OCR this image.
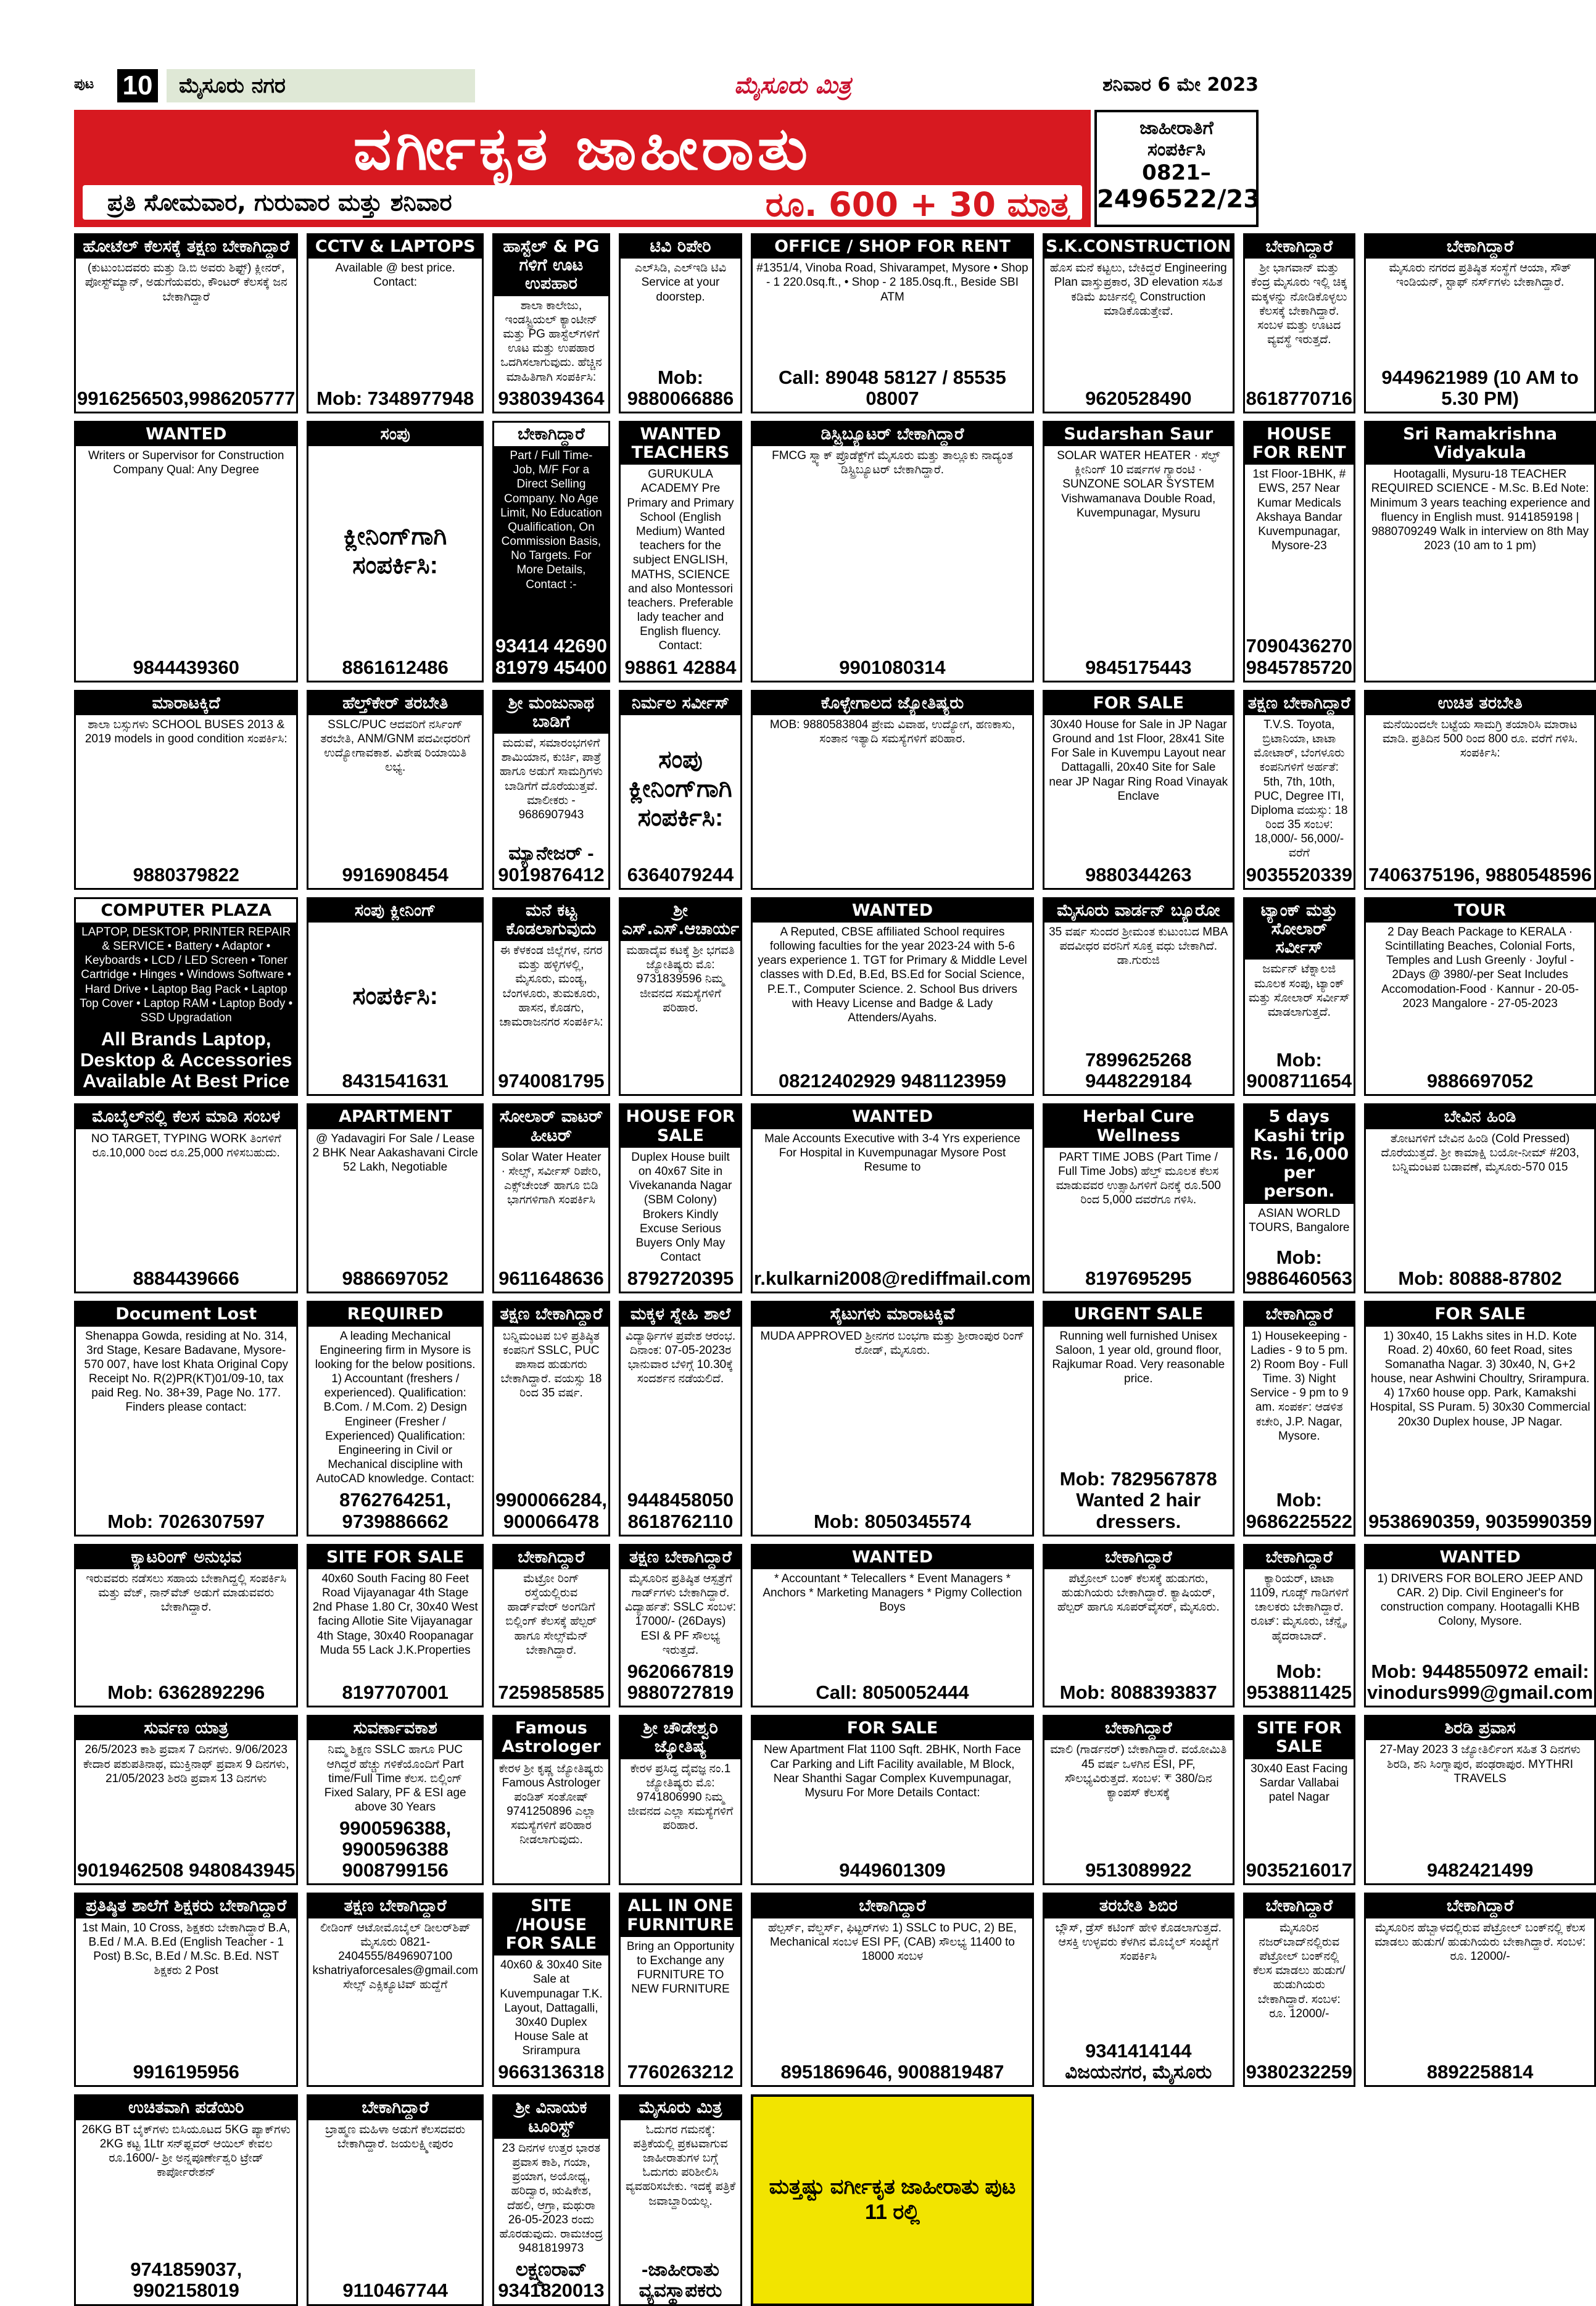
ಪುಟ 10	ಮೈಸೂರು ನಗರ	ಮೈಸೂರು ಮಿತ್ರ	ಶನಿವಾರ 6 ಮೇ 2023
ವರ್ಗೀಕೃತ ಜಾಹೀರಾತು
ಪ್ರತಿ ಸೋಮವಾರ, ಗುರುವಾರ ಮತ್ತು ಶನಿವಾರ	ರೂ. 600 + 30 ಮಾತ್ರ
ಜಾಹೀರಾತಿಗೆ
ಸಂಪರ್ಕಿಸಿ
0821–
2496522/23
ಹೋಟೆಲ್ ಕೆಲಸಕ್ಕೆ ತಕ್ಷಣ ಬೇಕಾಗಿದ್ದಾರೆ
(ಕುಟುಂಬದವರು ಮತ್ತು ಡಿ.ಬಿ ಅವರು ಶಿಫ್ಟ್) ಕ್ಲೀನರ್, ಪೋಸ್ಟ್‌ಮ್ಯಾನ್, ಅಡುಗೆಯವರು, ಕೌಂಟರ್ ಕೆಲಸಕ್ಕೆ ಜನ ಬೇಕಾಗಿದ್ದಾರೆ
9916256503,9986205777
CCTV & LAPTOPS
Available @ best price. Contact:
Mob: 7348977948
ಹಾಸ್ಟೆಲ್ & PG ಗಳಿಗೆ ಊಟ ಉಪಹಾರ
ಶಾಲಾ ಕಾಲೇಜು, ಇಂಡಸ್ಟ್ರಿಯಲ್ ಕ್ಯಾಂಟೀನ್ ಮತ್ತು PG ಹಾಸ್ಟೆಲ್‌ಗಳಿಗೆ ಊಟ ಮತ್ತು ಉಪಹಾರ ಒದಗಿಸಲಾಗುವುದು. ಹೆಚ್ಚಿನ ಮಾಹಿತಿಗಾಗಿ ಸಂಪರ್ಕಿಸಿ:
9380394364
ಟಿವಿ ರಿಪೇರಿ
ಎಲ್‌ಸಿಡಿ, ಎಲ್‌ಇಡಿ ಟಿವಿ Service at your doorstep.
Mob: 9880066886
OFFICE / SHOP FOR RENT
#1351/4, Vinoba Road, Shivarampet, Mysore • Shop - 1 220.0sq.ft., • Shop - 2 185.0sq.ft., Beside SBI ATM
Call: 89048 58127 / 85535 08007
S.K.CONSTRUCTION
ಹೊಸ ಮನೆ ಕಟ್ಟಲು, ಬೇಕಿದ್ದರೆ Engineering Plan ವಾಸ್ತುಪ್ರಕಾರ, 3D elevation ಸಹಿತ ಕಡಿಮೆ ಖರ್ಚಿನಲ್ಲಿ Construction ಮಾಡಿಕೊಡುತ್ತೇವೆ.
9620528490
ಬೇಕಾಗಿದ್ದಾರೆ
ಶ್ರೀ ಭಾಗವಾನ್ ಮತ್ತು ಕೆಂದ್ರ ಮೈಸೂರು ಇಲ್ಲಿ ಚಿಕ್ಕ ಮಕ್ಕಳನ್ನು ನೋಡಿಕೊಳ್ಳಲು ಕೆಲಸಕ್ಕೆ ಬೇಕಾಗಿದ್ದಾರೆ. ಸಂಬಳ ಮತ್ತು ಊಟದ ವ್ಯವಸ್ಥೆ ಇರುತ್ತದೆ.
8618770716
ಬೇಕಾಗಿದ್ದಾರೆ
ಮೈಸೂರು ನಗರದ ಪ್ರತಿಷ್ಠಿತ ಸಂಸ್ಥೆಗೆ ಆಯಾ, ಸೌತ್ ಇಂಡಿಯನ್, ಸ್ಟಾಫ್ ನರ್ಸ್‌ಗಳು ಬೇಕಾಗಿದ್ದಾರೆ.
9449621989 (10 AM to 5.30 PM)
WANTED
Writers or Supervisor for Construction Company Qual: Any Degree
9844439360
ಸಂಪು
ಕ್ಲೀನಿಂಗ್‌ಗಾಗಿ ಸಂಪರ್ಕಿಸಿ:
8861612486
ಬೇಕಾಗಿದ್ದಾರೆ
Part / Full Time- Job, M/F For a Direct Selling Company. No Age Limit, No Education Qualification, On Commission Basis, No Targets. For More Details, Contact :-
93414 42690 81979 45400
WANTED TEACHERS
GURUKULA ACADEMY Pre Primary and Primary School (English Medium) Wanted teachers for the subject ENGLISH, MATHS, SCIENCE and also Montessori teachers. Preferable lady teacher and English fluency. Contact:
98861 42884
ಡಿಸ್ಟ್ರಿಬ್ಯೂಟರ್ ಬೇಕಾಗಿದ್ದಾರೆ
FMCG ಸ್ನ್ಯಾಕ್ ಪ್ರೊಡೆಕ್ಟ್‌ಗೆ ಮೈಸೂರು ಮತ್ತು ತಾಲ್ಲೂಕು ನಾದ್ಯಂತ ಡಿಸ್ಟ್ರಿಬ್ಯೂಟರ್ ಬೇಕಾಗಿದ್ದಾರೆ.
9901080314
Sudarshan Saur
SOLAR WATER HEATER · ಸೆಲ್ಫ್ ಕ್ಲೀನಿಂಗ್ 10 ವರ್ಷಗಳ ಗ್ಯಾರಂಟಿ · SUNZONE SOLAR SYSTEM Vishwamanava Double Road, Kuvempunagar, Mysuru
9845175443
HOUSE FOR RENT
1st Floor-1BHK, # EWS, 257 Near Kumar Medicals Akshaya Bandar Kuvempunagar, Mysore-23
7090436270 9845785720
Sri Ramakrishna Vidyakula
Hootagalli, Mysuru-18 TEACHER REQUIRED SCIENCE - M.Sc. B.Ed Note: Minimum 3 years teaching experience and fluency in English must. 9141859198 | 9880709249 Walk in interview on 8th May 2023 (10 am to 1 pm)
ಮಾರಾಟಕ್ಕಿದೆ
ಶಾಲಾ ಬಸ್ಸುಗಳು SCHOOL BUSES 2013 & 2019 models in good condition ಸಂಪರ್ಕಿಸಿ:
9880379822
ಹೆಲ್ತ್‌ಕೇರ್ ತರಬೇತಿ
SSLC/PUC ಆದವರಿಗೆ ನರ್ಸಿಂಗ್ ತರಬೇತಿ, ANM/GNM ಪದವೀಧರರಿಗೆ ಉದ್ಯೋಗಾವಕಾಶ. ವಿಶೇಷ ರಿಯಾಯಿತಿ ಲಭ್ಯ.
9916908454
ಶ್ರೀ ಮಂಜುನಾಥ ಬಾಡಿಗೆ
ಮದುವೆ, ಸಮಾರಂಭಗಳಿಗೆ ಶಾಮಿಯಾನ, ಕುರ್ಚಿ, ಪಾತ್ರೆ ಹಾಗೂ ಅಡುಗೆ ಸಾಮಗ್ರಿಗಳು ಬಾಡಿಗೆಗೆ ದೊರೆಯುತ್ತವೆ. ಮಾಲೀಕರು - 9686907943
ಮ್ಯಾನೇಜರ್ - 9019876412
ನಿರ್ಮಲ ಸರ್ವೀಸ್
ಸಂಪು ಕ್ಲೀನಿಂಗ್‌ಗಾಗಿ ಸಂಪರ್ಕಿಸಿ:
6364079244
ಕೊಳ್ಳೇಗಾಲದ ಜ್ಯೋತಿಷ್ಯರು
MOB: 9880583804 ಪ್ರೇಮ ವಿವಾಹ, ಉದ್ಯೋಗ, ಹಣಕಾಸು, ಸಂತಾನ ಇತ್ಯಾದಿ ಸಮಸ್ಯೆಗಳಿಗೆ ಪರಿಹಾರ.
FOR SALE
30x40 House for Sale in JP Nagar Ground and 1st Floor, 28x41 Site For Sale in Kuvempu Layout near Dattagalli, 20x40 Site for Sale near JP Nagar Ring Road Vinayak Enclave
9880344263
ತಕ್ಷಣ ಬೇಕಾಗಿದ್ದಾರೆ
T.V.S. Toyota, ಬ್ರಿಟಾನಿಯಾ, ಟಾಟಾ ಮೋಟಾರ್, ಬೆಂಗಳೂರು ಕಂಪನಿಗಳಿಗೆ ಅರ್ಹತೆ: 5th, 7th, 10th, PUC, Degree ITI, Diploma ವಯಸ್ಸು: 18 ರಿಂದ 35 ಸಂಬಳ: 18,000/- 56,000/- ವರೆಗೆ
9035520339
ಉಚಿತ ತರಬೇತಿ
ಮನೆಯಿಂದಲೇ ಬಟ್ಟೆಯ ಸಾಮಗ್ರಿ ತಯಾರಿಸಿ ಮಾರಾಟ ಮಾಡಿ. ಪ್ರತಿದಿನ 500 ರಿಂದ 800 ರೂ. ವರೆಗೆ ಗಳಿಸಿ. ಸಂಪರ್ಕಿಸಿ:
7406375196, 9880548596
COMPUTER PLAZA
LAPTOP, DESKTOP, PRINTER REPAIR & SERVICE • Battery • Adaptor • Keyboards • LCD / LED Screen • Toner Cartridge • Hinges • Windows Software • Hard Drive • Laptop Bag Pack • Laptop Top Cover • Laptop RAM • Laptop Body • SSD Upgradation
All Brands Laptop, Desktop & Accessories Available At Best Price
ಸಂಪು ಕ್ಲೀನಿಂಗ್
ಸಂಪರ್ಕಿಸಿ:
8431541631
ಮನೆ ಕಟ್ಟ ಕೊಡಲಾಗುವುದು
ಈ ಕೆಳಕಂಡ ಜಿಲ್ಲೆಗಳ, ನಗರ ಮತ್ತು ಹಳ್ಳಿಗಳಲ್ಲಿ, ಮೈಸೂರು, ಮಂಡ್ಯ, ಬೆಂಗಳೂರು, ತುಮಕೂರು, ಹಾಸನ, ಕೊಡಗು, ಚಾಮರಾಜನಗರ ಸಂಪರ್ಕಿಸಿ:
9740081795
ಶ್ರೀ ಎಸ್.ಎಸ್.ಆಚಾರ್ಯ
ಮಹಾದೈವ ಕಟಕ್ಕೆ ಶ್ರೀ ಭಗವತಿ ಜ್ಯೋತಿಷ್ಯರು ಮೊ: 9731839596 ನಿಮ್ಮ ಜೀವನದ ಸಮಸ್ಯೆಗಳಿಗೆ ಪರಿಹಾರ.
WANTED
A Reputed, CBSE affiliated School requires following faculties for the year 2023-24 with 5-6 years experience 1. TGT for Primary & Middle Level classes with D.Ed, B.Ed, BS.Ed for Social Science, P.E.T., Computer Science. 2. School Bus drivers with Heavy License and Badge & Lady Attenders/Ayahs.
08212402929 9481123959
ಮೈಸೂರು ವಾರ್ಡನ್ ಬ್ಯೂರೋ
35 ವರ್ಷ ಸುಂದರ ಶ್ರೀಮಂತ ಕುಟುಂಬದ MBA ಪದವೀಧರ ವರನಿಗೆ ಸೂಕ್ತ ವಧು ಬೇಕಾಗಿದೆ. ಡಾ.ಗುರುಜಿ
7899625268 9448229184
ಟ್ಯಾಂಕ್ ಮತ್ತು ಸೋಲಾರ್ ಸರ್ವೀಸ್
ಜರ್ಮನ್ ಟೆಕ್ನಾಲಜಿ ಮೂಲಕ ಸಂಪು, ಟ್ಯಾಂಕ್ ಮತ್ತು ಸೋಲಾರ್ ಸರ್ವೀಸ್ ಮಾಡಲಾಗುತ್ತದೆ.
Mob: 9008711654
TOUR
2 Day Beach Package to KERALA · Scintillating Beaches, Colonial Forts, Temples and Lush Greenly · Joyful - 2Days @ 3980/-per Seat Includes Accomodation-Food · Kannur - 20-05-2023 Mangalore - 27-05-2023
9886697052
ಮೊಬೈಲ್‌ನಲ್ಲಿ ಕೆಲಸ ಮಾಡಿ ಸಂಬಳ
NO TARGET, TYPING WORK ತಿಂಗಳಿಗೆ ರೂ.10,000 ರಿಂದ ರೂ.25,000 ಗಳಿಸಬಹುದು.
8884439666
APARTMENT
@ Yadavagiri For Sale / Lease 2 BHK Near Aakashavani Circle 52 Lakh, Negotiable
9886697052
ಸೋಲಾರ್ ವಾಟರ್ ಹೀಟರ್
Solar Water Heater · ಸೇಲ್ಸ್, ಸರ್ವೀಸ್ ರಿಪೇರಿ, ಎಕ್ಸ್‌ಚೇಂಜ್ ಹಾಗೂ ಬಿಡಿ ಭಾಗಗಳಿಗಾಗಿ ಸಂಪರ್ಕಿಸಿ
9611648636
HOUSE FOR SALE
Duplex House built on 40x67 Site in Vivekananda Nagar (SBM Colony) Brokers Kindly Excuse Serious Buyers Only May Contact
8792720395
WANTED
Male Accounts Executive with 3-4 Yrs experience For Hospital in Kuvempunagar Mysore Post Resume to
r.kulkarni2008@rediffmail.com
Herbal Cure Wellness
PART TIME JOBS (Part Time / Full Time Jobs) ಹೆಲ್ತ್ ಮೂಲಕ ಕೆಲಸ ಮಾಡುವವರ ಉತ್ಸಾಹಿಗಳಿಗೆ ದಿನಕ್ಕೆ ರೂ.500 ರಿಂದ 5,000 ದವರೆಗೂ ಗಳಿಸಿ.
8197695295
5 days Kashi trip Rs. 16,000 per person.
ASIAN WORLD TOURS, Bangalore
Mob: 9886460563
ಬೇವಿನ ಹಿಂಡಿ
ತೋಟಗಳಿಗೆ ಬೇವಿನ ಹಿಂಡಿ (Cold Pressed) ದೊರೆಯುತ್ತದೆ. ಶ್ರೀ ಕಾಮಾಕ್ಷಿ ಬಯೋ-ನೀಮ್ #203, ಬನ್ನಿಮಂಟಪ ಬಡಾವಣೆ, ಮೈಸೂರು-570 015
Mob: 80888-87802
Document Lost
Shenappa Gowda, residing at No. 314, 3rd Stage, Kesare Badavane, Mysore-570 007, have lost Khata Original Copy Receipt No. R(2)PR(KT)01/09-10, tax paid Reg. No. 38+39, Page No. 177. Finders please contact:
Mob: 7026307597
REQUIRED
A leading Mechanical Engineering firm in Mysore is looking for the below positions. 1) Accountant (freshers / experienced). Qualification: B.Com. / M.Com. 2) Design Engineer (Fresher / Experienced) Qualification: Engineering in Civil or Mechanical discipline with AutoCAD knowledge. Contact:
8762764251, 9739886662
ತಕ್ಷಣ ಬೇಕಾಗಿದ್ದಾರೆ
ಬನ್ನಿಮಂಟಪ ಬಳಿ ಪ್ರತಿಷ್ಠಿತ ಕಂಪನಿಗೆ SSLC, PUC ಪಾಸಾದ ಹುಡುಗರು ಬೇಕಾಗಿದ್ದಾರೆ. ವಯಸ್ಸು 18 ರಿಂದ 35 ವರ್ಷ.
9900066284, 900066478
ಮಕ್ಕಳ ಸ್ನೇಹಿ ಶಾಲೆ
ವಿದ್ಯಾರ್ಥಿಗಳ ಪ್ರವೇಶ ಆರಂಭ. ದಿನಾಂಕ: 07-05-2023ರ ಭಾನುವಾರ ಬೆಳಿಗ್ಗೆ 10.30ಕ್ಕೆ ಸಂದರ್ಶನ ನಡೆಯಲಿದೆ.
9448458050 8618762110
ಸೈಟುಗಳು ಮಾರಾಟಕ್ಕಿವೆ
MUDA APPROVED ಶ್ರೀನಗರ ಬಂಭಗಾ ಮತ್ತು ಶ್ರೀರಾಂಪುರ ರಿಂಗ್ ರೋಡ್, ಮೈಸೂರು.
Mob: 8050345574
URGENT SALE
Running well furnished Unisex Saloon, 1 year old, ground floor, Rajkumar Road. Very reasonable price.
Mob: 7829567878 Wanted 2 hair dressers.
ಬೇಕಾಗಿದ್ದಾರೆ
1) Housekeeping - Ladies - 9 to 5 pm. 2) Room Boy - Full Time. 3) Night Service - 9 pm to 9 am. ಸಂಪರ್ಕ: ಆಡಳಿತ ಕಚೇರಿ, J.P. Nagar, Mysore.
Mob: 9686225522
FOR SALE
1) 30x40, 15 Lakhs sites in H.D. Kote Road. 2) 40x60, 60 feet Road, sites Somanatha Nagar. 3) 30x40, N, G+2 house, near Ashwini Choultry, Srirampura. 4) 17x60 house opp. Park, Kamakshi Hospital, SS Puram. 5) 30x30 Commercial 20x30 Duplex house, JP Nagar.
9538690359, 9035990359
ಕ್ಯಾಟರಿಂಗ್ ಅನುಭವ
ಇರುವವರು ನಡೆಸಲು ಸಹಾಯ ಬೇಕಾಗಿದ್ದಲ್ಲಿ ಸಂಪರ್ಕಿಸಿ ಮತ್ತು ವೆಜ್, ನಾನ್‌ವೆಜ್ ಅಡುಗೆ ಮಾಡುವವರು ಬೇಕಾಗಿದ್ದಾರೆ.
Mob: 6362892296
SITE FOR SALE
40x60 South Facing 80 Feet Road Vijayanagar 4th Stage 2nd Phase 1.80 Cr, 30x40 West facing Allotie Site Vijayanagar 4th Stage, 30x40 Roopanagar Muda 55 Lack J.K.Properties
8197707001
ಬೇಕಾಗಿದ್ದಾರೆ
ಮೆಟ್ರೋ ರಿಂಗ್ ರಸ್ತೆಯಲ್ಲಿರುವ ಹಾರ್ಡ್‌ವೇರ್ ಅಂಗಡಿಗೆ ಬಿಲ್ಲಿಂಗ್ ಕೆಲಸಕ್ಕೆ ಹೆಲ್ಪರ್ ಹಾಗೂ ಸೇಲ್ಸ್‌ಮೆನ್ ಬೇಕಾಗಿದ್ದಾರೆ.
7259858585
ತಕ್ಷಣ ಬೇಕಾಗಿದ್ದಾರೆ
ಮೈಸೂರಿನ ಪ್ರತಿಷ್ಠಿತ ಆಸ್ಪತ್ರೆಗೆ ಗಾರ್ಡ್‌ಗಳು ಬೇಕಾಗಿದ್ದಾರೆ. ವಿದ್ಯಾರ್ಹತೆ: SSLC ಸಂಬಳ: 17000/- (26Days) ESI & PF ಸೌಲಭ್ಯ ಇರುತ್ತದೆ.
9620667819 9880727819
WANTED
* Accountant * Telecallers * Event Managers * Anchors * Marketing Managers * Pigmy Collection Boys
Call: 8050052444
ಬೇಕಾಗಿದ್ದಾರೆ
ಪೆಟ್ರೋಲ್ ಬಂಕ್ ಕೆಲಸಕ್ಕೆ ಹುಡುಗರು, ಹುಡುಗಿಯರು ಬೇಕಾಗಿದ್ದಾರೆ. ಕ್ಯಾಷಿಯರ್, ಹೆಲ್ಪರ್ ಹಾಗೂ ಸೂಪರ್‌ವೈಸರ್, ಮೈಸೂರು.
Mob: 8088393837
ಬೇಕಾಗಿದ್ದಾರೆ
ಕ್ಯಾರಿಯರ್, ಟಾಟಾ 1109, ಗೂಡ್ಸ್ ಗಾಡಿಗಳಿಗೆ ಚಾಲಕರು ಬೇಕಾಗಿದ್ದಾರೆ. ರೂಟ್: ಮೈಸೂರು, ಚೆನ್ನೈ, ಹೈದರಾಬಾದ್.
Mob: 9538811425
WANTED
1) DRIVERS FOR BOLERO JEEP AND CAR. 2) Dip. Civil Engineer's for construction company. Hootagalli KHB Colony, Mysore.
Mob: 9448550972 email: vinodurs999@gmail.com
ಸುರ್ವಣ ಯಾತ್ರ
26/5/2023 ಕಾಶಿ ಪ್ರವಾಸ 7 ದಿನಗಳು. 9/06/2023 ಕೇದಾರ ಪಶುಪತಿನಾಥ, ಮುಕ್ತಿನಾಥ್ ಪ್ರವಾಸ 9 ದಿನಗಳು, 21/05/2023 ಶಿರಡಿ ಪ್ರವಾಸ 13 ದಿನಗಳು
9019462508 9480843945
ಸುವರ್ಣಾವಕಾಶ
ನಿಮ್ಮ ಶಿಕ್ಷಣ SSLC ಹಾಗೂ PUC ಆಗಿದ್ದರೆ ಹೆಚ್ಚು ಗಳಿಕೆಯೊಂದಿಗೆ Part time/Full Time ಕೆಲಸ. ಬಿಲ್ಲಿಂಗ್ Fixed Salary, PF & ESI age above 30 Years
9900596388, 9900596388 9008799156
Famous Astrologer
ಕೇರಳ ಶ್ರೀ ಕೃಷ್ಣ ಜ್ಯೋತಿಷ್ಯರು Famous Astrologer ಪಂಡಿತ್ ಸಂತೋಷ್ 9741250896 ಎಲ್ಲಾ ಸಮಸ್ಯೆಗಳಿಗೆ ಪರಿಹಾರ ನೀಡಲಾಗುವುದು.
ಶ್ರೀ ಚೌಡೇಶ್ವರಿ ಜ್ಯೋತಿಷ್ಯ
ಕೇರಳ ಪ್ರಸಿದ್ಧ ದೈವಜ್ಞ ನಂ.1 ಜ್ಯೋತಿಷ್ಯರು ಮೊ: 9741806990 ನಿಮ್ಮ ಜೀವನದ ಎಲ್ಲಾ ಸಮಸ್ಯೆಗಳಿಗೆ ಪರಿಹಾರ.
FOR SALE
New Apartment Flat 1100 Sqft. 2BHK, North Face Car Parking and Lift Facility available, M Block, Near Shanthi Sagar Complex Kuvempunagar, Mysuru For More Details Contact:
9449601309
ಬೇಕಾಗಿದ್ದಾರೆ
ಮಾಲಿ (ಗಾರ್ಡನರ್) ಬೇಕಾಗಿದ್ದಾರೆ. ವಯೋಮಿತಿ 45 ವರ್ಷ ಒಳಗಿನ ESI, PF, ಸೌಲಭ್ಯವಿರುತ್ತದೆ. ಸಂಬಳ: ₹ 380/ದಿನ ಕ್ಯಾಂಪಸ್ ಕೆಲಸಕ್ಕೆ
9513089922
SITE FOR SALE
30x40 East Facing Sardar Vallabai patel Nagar
9035216017
ಶಿರಡಿ ಪ್ರವಾಸ
27-May 2023 3 ಜ್ಯೋತಿರ್ಲಿಂಗ ಸಹಿತ 3 ದಿನಗಳು ಶಿರಡಿ, ಶನಿ ಸಿಂಗ್ನಾಪುರ, ಪಂಢರಾಪುರ. MYTHRI TRAVELS
9482421499
ಪ್ರತಿಷ್ಠಿತ ಶಾಲೆಗೆ ಶಿಕ್ಷಕರು ಬೇಕಾಗಿದ್ದಾರೆ
1st Main, 10 Cross, ಶಿಕ್ಷಕರು ಬೇಕಾಗಿದ್ದಾರೆ B.A, B.Ed / M.A. B.Ed (English Teacher - 1 Post) B.Sc, B.Ed / M.Sc. B.Ed. NST ಶಿಕ್ಷಕರು 2 Post
9916195956
ತಕ್ಷಣ ಬೇಕಾಗಿದ್ದಾರೆ
ಲೀಡಿಂಗ್ ಆಟೋಮೊಬೈಲ್ ಡೀಲರ್‌ಶಿಪ್ ಮೈಸೂರು 0821-2404555/8496907100 kshatriyaforcesales@gmail.com ಸೇಲ್ಸ್ ಎಕ್ಸಿಕ್ಯೂಟಿವ್ ಹುದ್ದೆಗೆ
SITE /HOUSE FOR SALE
40x60 & 30x40 Site Sale at Kuvempunagar T.K. Layout, Dattagalli, 30x40 Duplex House Sale at Srirampura
9663136318
ALL IN ONE FURNITURE
Bring an Opportunity to Exchange any FURNITURE TO NEW FURNITURE
7760263212
ಬೇಕಾಗಿದ್ದಾರೆ
ಹೆಲ್ಪರ್ಸ್, ವೆಲ್ಡರ್ಸ್, ಫಿಟ್ಟರ್‌ಗಳು 1) SSLC to PUC, 2) BE, Mechanical ಸಂಬಳ ESI PF, (CAB) ಸೌಲಭ್ಯ 11400 to 18000 ಸಂಬಳ
8951869646, 9008819487
ತರಬೇತಿ ಶಿಬಿರ
ಬ್ಲೌಸ್, ಡ್ರೆಸ್ ಕಟಿಂಗ್ ಹೇಳಿ ಕೊಡಲಾಗುತ್ತದೆ. ಆಸಕ್ತಿ ಉಳ್ಳವರು ಕೆಳಗಿನ ಮೊಬೈಲ್ ಸಂಖ್ಯೆಗೆ ಸಂಪರ್ಕಿಸಿ
9341414144 ವಿಜಯನಗರ, ಮೈಸೂರು
ಬೇಕಾಗಿದ್ದಾರೆ
ಮೈಸೂರಿನ ನಜರ್‌ಬಾದ್‌ನಲ್ಲಿರುವ ಪೆಟ್ರೋಲ್ ಬಂಕ್‌ನಲ್ಲಿ ಕೆಲಸ ಮಾಡಲು ಹುಡುಗ/ ಹುಡುಗಿಯರು ಬೇಕಾಗಿದ್ದಾರೆ. ಸಂಬಳ: ರೂ. 12000/-
9380232259
ಬೇಕಾಗಿದ್ದಾರೆ
ಮೈಸೂರಿನ ಹೆಬ್ಬಾಳದಲ್ಲಿರುವ ಪೆಟ್ರೋಲ್ ಬಂಕ್‌ನಲ್ಲಿ ಕೆಲಸ ಮಾಡಲು ಹುಡುಗ/ ಹುಡುಗಿಯರು ಬೇಕಾಗಿದ್ದಾರೆ. ಸಂಬಳ: ರೂ. 12000/-
8892258814
ಉಚಿತವಾಗಿ ಪಡೆಯಿರಿ
26KG BT ಬೈಕ್‌ಗಳು ಬಿಸಿಯೂಟದ 5KG ಪ್ಯಾಕ್‌ಗಳು 2KG ಕಟ್ಟ 1Ltr ಸನ್‌ಫ್ಲವರ್ ಆಯಿಲ್ ಕೇವಲ ರೂ.1600/- ಶ್ರೀ ಅನ್ನಪೂರ್ಣೇಶ್ವರಿ ಟ್ರೇಡ್ ಕಾರ್ಪೋರೇಶನ್
9741859037, 9902158019
ಬೇಕಾಗಿದ್ದಾರೆ
ಬ್ರಾಹ್ಮಣ ಮಹಿಳಾ ಅಡುಗೆ ಕೆಲಸದವರು ಬೇಕಾಗಿದ್ದಾರೆ. ಜಯಲಕ್ಷ್ಮೀಪುರಂ
9110467744
ಶ್ರೀ ವಿನಾಯಕ ಟೂರಿಸ್ಟ್
23 ದಿನಗಳ ಉತ್ತರ ಭಾರತ ಪ್ರವಾಸ ಕಾಶಿ, ಗಯಾ, ಪ್ರಯಾಗ, ಅಯೋಧ್ಯ, ಹರಿದ್ವಾರ, ಋಷಿಕೇಶ, ದೆಹಲಿ, ಆಗ್ರಾ, ಮಥುರಾ 26-05-2023 ರಂದು ಹೊರಡುವುದು. ರಾಮಚಂದ್ರ 9481819973
ಲಕ್ಷ್ಮಣರಾವ್ 9341820013
ಮೈಸೂರು ಮಿತ್ರ
ಓದುಗರ ಗಮನಕ್ಕೆ: ಪತ್ರಿಕೆಯಲ್ಲಿ ಪ್ರಕಟವಾಗುವ ಜಾಹೀರಾತುಗಳ ಬಗ್ಗೆ ಓದುಗರು ಪರಿಶೀಲಿಸಿ ವ್ಯವಹರಿಸಬೇಕು. ಇದಕ್ಕೆ ಪತ್ರಿಕೆ ಜವಾಬ್ದಾರಿಯಲ್ಲ.
-ಜಾಹೀರಾತು ವ್ಯವಸ್ಥಾಪಕರು
ಮತ್ತಷ್ಟು ವರ್ಗೀಕೃತ ಜಾಹೀರಾತು ಪುಟ 11 ರಲ್ಲಿ
